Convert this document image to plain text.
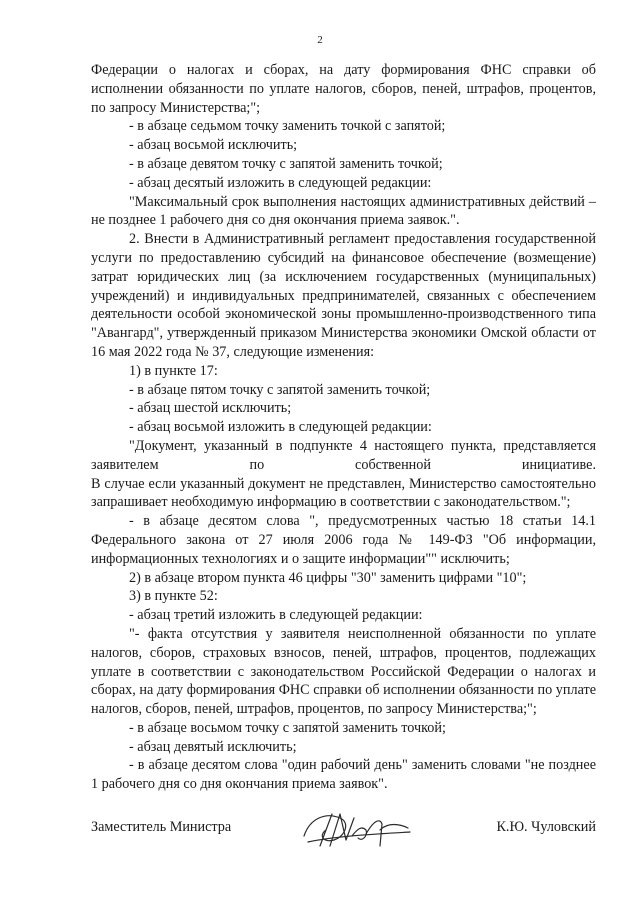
2

Федерации о налогах и сборах, на дату формирования ФНС справки об исполнении обязанности по уплате налогов, сборов, пеней, штрафов, процентов, по запросу Министерства;";

- в абзаце седьмом точку заменить точкой с запятой;

- абзац восьмой исключить;

- в абзаце девятом точку с запятой заменить точкой;

- абзац десятый изложить в следующей редакции:

"Максимальный срок выполнения настоящих административных действий – не позднее 1 рабочего дня со дня окончания приема заявок.".

2. Внести в Административный регламент предоставления государственной услуги по предоставлению субсидий на финансовое обеспечение (возмещение) затрат юридических лиц (за исключением государственных (муниципальных) учреждений) и индивидуальных предпринимателей, связанных с обеспечением деятельности особой экономической зоны промышленно-производственного типа "Авангард", утвержденный приказом Министерства экономики Омской области от 16 мая 2022 года № 37, следующие изменения:

1) в пункте 17:

- в абзаце пятом точку с запятой заменить точкой;

- абзац шестой исключить;

- абзац восьмой изложить в следующей редакции:

"Документ, указанный в подпункте 4 настоящего пункта, представляется заявителем по собственной инициативе.

В случае если указанный документ не представлен, Министерство самостоятельно запрашивает необходимую информацию в соответствии с законодательством.";

- в абзаце десятом слова ", предусмотренных частью 18 статьи 14.1 Федерального закона от 27 июля 2006 года № 149-ФЗ "Об информации, информационных технологиях и о защите информации"" исключить;

2) в абзаце втором пункта 46 цифры "30" заменить цифрами "10";

3) в пункте 52:

- абзац третий изложить в следующей редакции:

"- факта отсутствия у заявителя неисполненной обязанности по уплате налогов, сборов, страховых взносов, пеней, штрафов, процентов, подлежащих уплате в соответствии с законодательством Российской Федерации о налогах и сборах, на дату формирования ФНС справки об исполнении обязанности по уплате налогов, сборов, пеней, штрафов, процентов, по запросу Министерства;";

- в абзаце восьмом точку с запятой заменить точкой;

- абзац девятый исключить;

- в абзаце десятом слова "один рабочий день" заменить словами "не позднее 1 рабочего дня со дня окончания приема заявок".

Заместитель Министра	К.Ю. Чуловский
